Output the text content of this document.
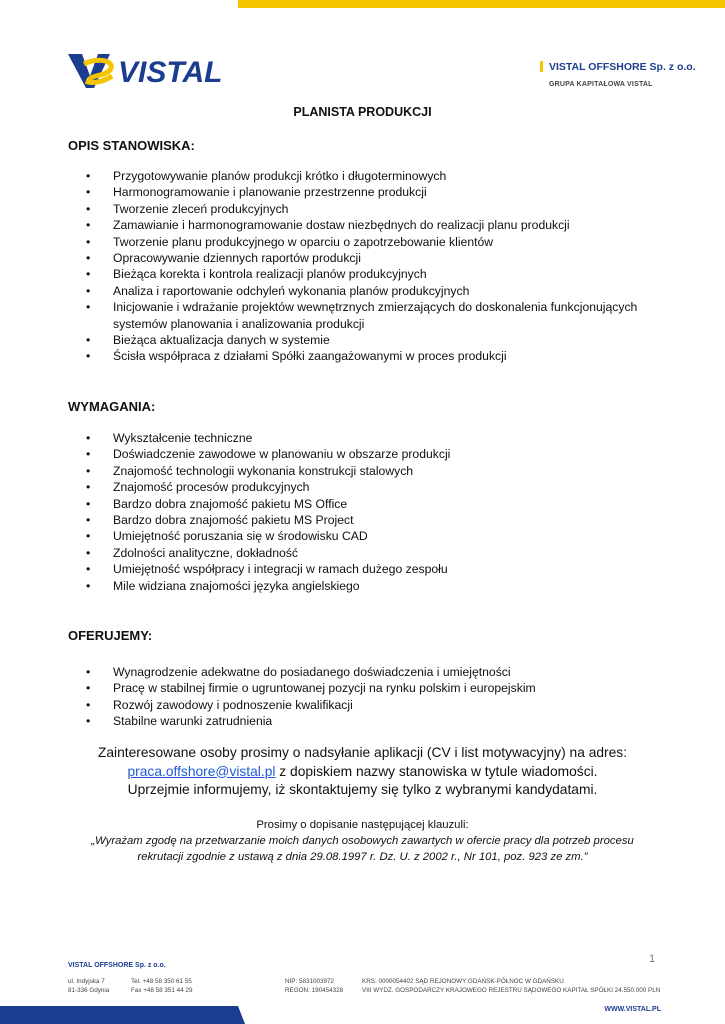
VISTAL	VISTAL OFFSHORE Sp. z o.o.
GRUPA KAPITAŁOWA VISTAL
PLANISTA PRODUKCJI
OPIS STANOWISKA:
• Przygotowywanie planów produkcji krótko i długoterminowych
• Harmonogramowanie i planowanie przestrzenne produkcji
• Tworzenie zleceń produkcyjnych
• Zamawianie i harmonogramowanie dostaw niezbędnych do realizacji planu produkcji
• Tworzenie planu produkcyjnego w oparciu o zapotrzebowanie klientów
• Opracowywanie dziennych raportów produkcji
• Bieżąca korekta i kontrola realizacji planów produkcyjnych
• Analiza i raportowanie odchyleń wykonania planów produkcyjnych
• Inicjowanie i wdrażanie projektów wewnętrznych zmierzających do doskonalenia funkcjonujących systemów planowania i analizowania produkcji
• Bieżąca aktualizacja danych w systemie
• Ścisła współpraca z działami Spółki zaangażowanymi w proces produkcji
WYMAGANIA:
• Wykształcenie techniczne
• Doświadczenie zawodowe w planowaniu w obszarze produkcji
• Znajomość technologii wykonania konstrukcji stalowych
• Znajomość procesów produkcyjnych
• Bardzo dobra znajomość pakietu MS Office
• Bardzo dobra znajomość pakietu MS Project
• Umiejętność poruszania się w środowisku CAD
• Zdolności analityczne, dokładność
• Umiejętność współpracy i integracji w ramach dużego zespołu
• Mile widziana znajomości języka angielskiego
OFERUJEMY:
• Wynagrodzenie adekwatne do posiadanego doświadczenia i umiejętności
• Pracę w stabilnej firmie o ugruntowanej pozycji na rynku polskim i europejskim
• Rozwój zawodowy i podnoszenie kwalifikacji
• Stabilne warunki zatrudnienia
Zainteresowane osoby prosimy o nadsyłanie aplikacji (CV i list motywacyjny) na adres:
praca.offshore@vistal.pl z dopiskiem nazwy stanowiska w tytule wiadomości.
Uprzejmie informujemy, iż skontaktujemy się tylko z wybranymi kandydatami.
Prosimy o dopisanie następującej klauzuli:
„Wyrażam zgodę na przetwarzanie moich danych osobowych zawartych w ofercie pracy dla potrzeb procesu
rekrutacji zgodnie z ustawą z dnia 29.08.1997 r. Dz. U. z 2002 r., Nr 101, poz. 923 ze zm.”
1
VISTAL OFFSHORE Sp. z o.o.
ul. Indyjska 7
81-336 Gdynia
Tel. +48 58 350 61 55
Fax +48 58 351 44 29
NIP: 5831003972
REGON: 190454328
KRS: 0000054402 SĄD REJONOWY GDAŃSK-PÓŁNOC W GDAŃSKU
VIII WYDZ. GOSPODARCZY KRAJOWEGO REJESTRU SĄDOWEGO KAPITAŁ SPÓŁKI 24.550.000 PLN
WWW.VISTAL.PL
